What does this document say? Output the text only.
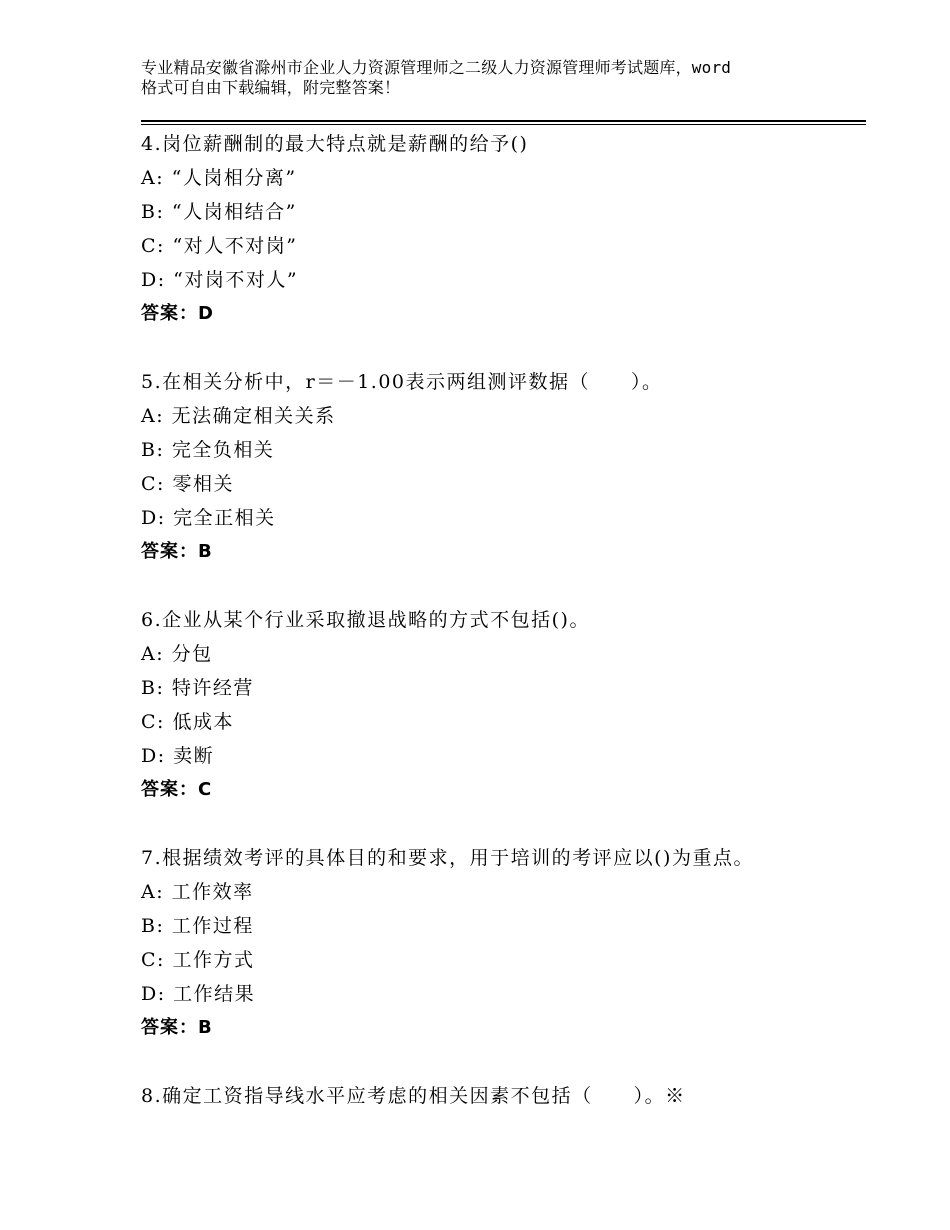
专业精品安徽省滁州市企业人力资源管理师之二级人力资源管理师考试题库，word
格式可自由下载编辑，附完整答案！
4.岗位薪酬制的最大特点就是薪酬的给予()
A: “人岗相分离”
B: “人岗相结合”
C: “对人不对岗”
D: “对岗不对人”
答案：D
5.在相关分析中，r＝－1.00表示两组测评数据（　　）。
A: 无法确定相关关系
B: 完全负相关
C: 零相关
D: 完全正相关
答案：B
6.企业从某个行业采取撤退战略的方式不包括()。
A: 分包
B: 特许经营
C: 低成本
D: 卖断
答案：C
7.根据绩效考评的具体目的和要求，用于培训的考评应以()为重点。
A: 工作效率
B: 工作过程
C: 工作方式
D: 工作结果
答案：B
8.确定工资指导线水平应考虑的相关因素不包括（　　）。※
